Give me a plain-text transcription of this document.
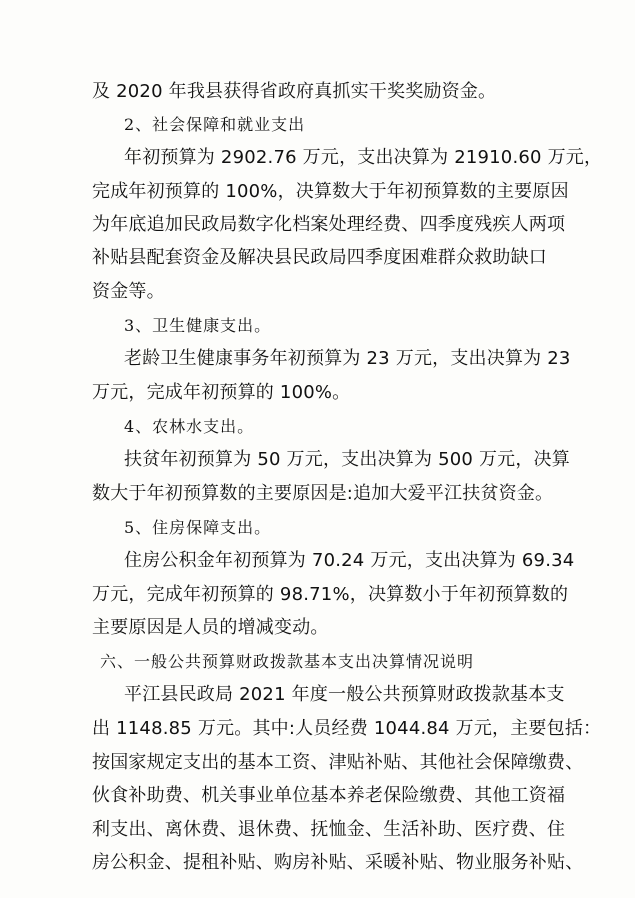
及 2020 年我县获得省政府真抓实干奖奖励资金。
2、社会保障和就业支出
年初预算为 2902.76 万元，支出决算为 21910.60 万元，
完成年初预算的 100%，决算数大于年初预算数的主要原因
为年底追加民政局数字化档案处理经费、四季度残疾人两项
补贴县配套资金及解决县民政局四季度困难群众救助缺口
资金等。
3、卫生健康支出。
老龄卫生健康事务年初预算为 23 万元，支出决算为 23
万元，完成年初预算的 100%。
4、农林水支出。
扶贫年初预算为 50 万元，支出决算为 500 万元，决算
数大于年初预算数的主要原因是:追加大爱平江扶贫资金。
5、住房保障支出。
住房公积金年初预算为 70.24 万元，支出决算为 69.34
万元，完成年初预算的 98.71%，决算数小于年初预算数的
主要原因是人员的增减变动。
六、一般公共预算财政拨款基本支出决算情况说明
平江县民政局 2021 年度一般公共预算财政拨款基本支
出 1148.85 万元。其中:人员经费 1044.84 万元，主要包括：
按国家规定支出的基本工资、津贴补贴、其他社会保障缴费、
伙食补助费、机关事业单位基本养老保险缴费、其他工资福
利支出、离休费、退休费、抚恤金、生活补助、医疗费、住
房公积金、提租补贴、购房补贴、采暖补贴、物业服务补贴、
